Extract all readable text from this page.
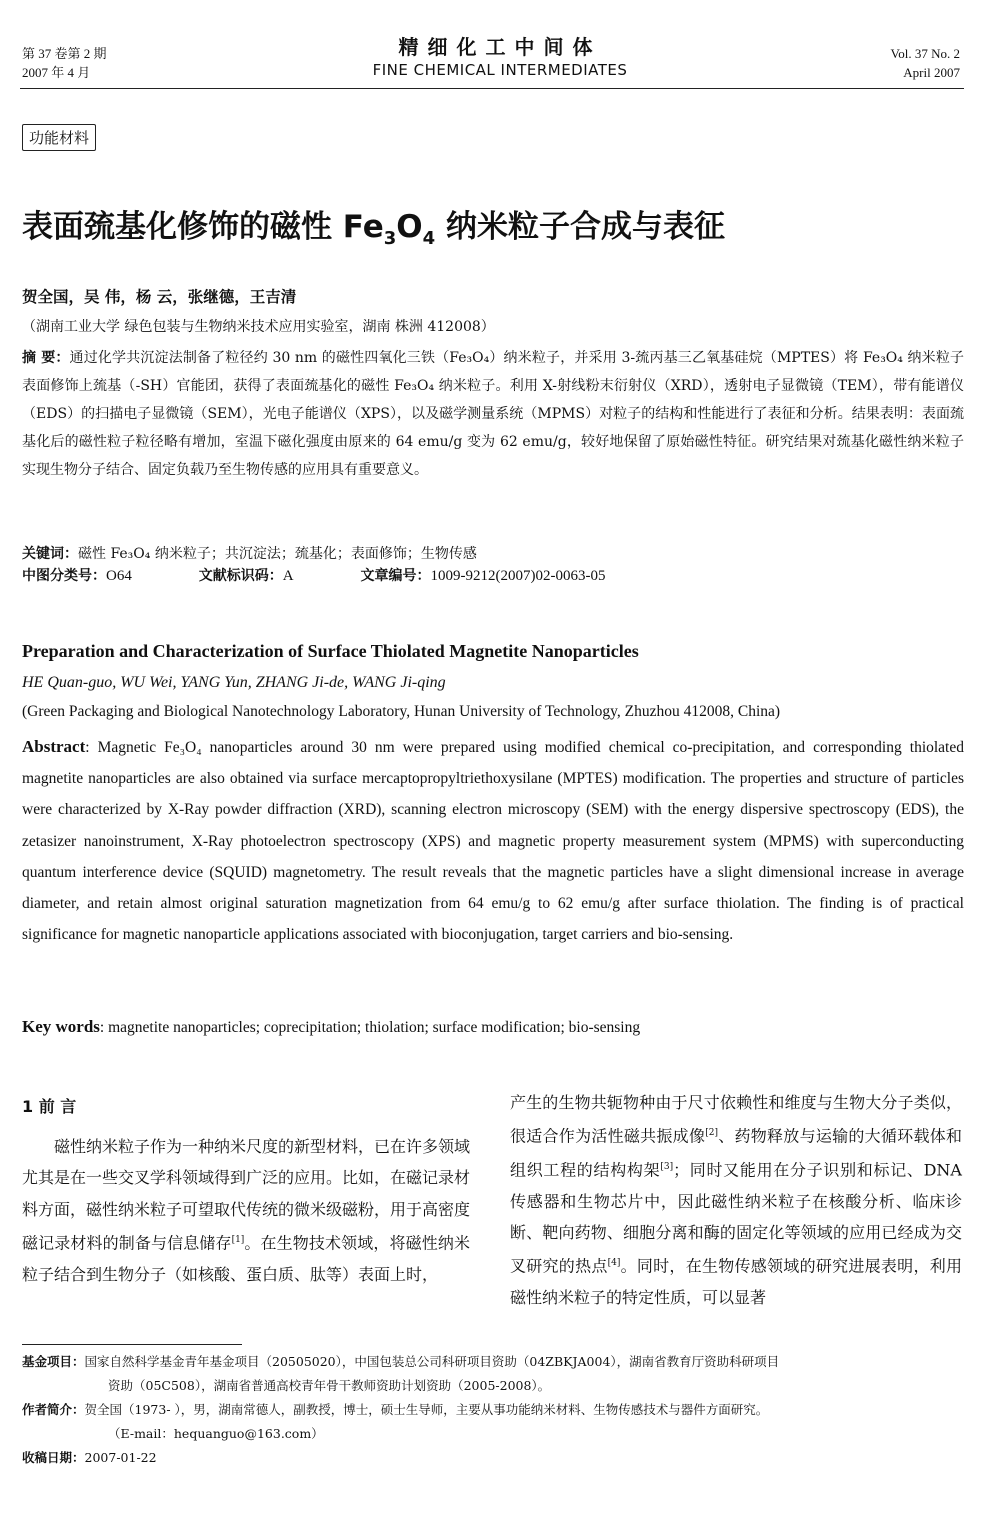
第 37 卷第 2 期
2007 年 4 月
精细化工中间体
FINE CHEMICAL INTERMEDIATES
Vol. 37 No. 2
April 2007
功能材料
表面巯基化修饰的磁性 $Fe_3O_4$ 纳米粒子合成与表征
贺全国，吴 伟，杨 云，张继德，王吉清
（湖南工业大学 绿色包装与生物纳米技术应用实验室，湖南 株洲 412008）
摘 要：通过化学共沉淀法制备了粒径约 30 nm 的磁性四氧化三铁（Fe₃O₄）纳米粒子，并采用 3-巯丙基三乙氧基硅烷（MPTES）将 Fe₃O₄ 纳米粒子表面修饰上巯基（-SH）官能团，获得了表面巯基化的磁性 Fe₃O₄ 纳米粒子。利用 X-射线粉末衍射仪（XRD），透射电子显微镜（TEM），带有能谱仪（EDS）的扫描电子显微镜（SEM），光电子能谱仪（XPS），以及磁学测量系统（MPMS）对粒子的结构和性能进行了表征和分析。结果表明：表面巯基化后的磁性粒子粒径略有增加，室温下磁化强度由原来的 64 emu/g 变为 62 emu/g，较好地保留了原始磁性特征。研究结果对巯基化磁性纳米粒子实现生物分子结合、固定负载乃至生物传感的应用具有重要意义。
关键词：磁性 Fe₃O₄ 纳米粒子；共沉淀法；巯基化；表面修饰；生物传感
中图分类号：O64	文献标识码：A	文章编号：1009-9212(2007)02-0063-05
Preparation and Characterization of Surface Thiolated Magnetite Nanoparticles
HE Quan-guo, WU Wei, YANG Yun, ZHANG Ji-de, WANG Ji-qing
(Green Packaging and Biological Nanotechnology Laboratory, Hunan University of Technology, Zhuzhou 412008, China)
Abstract: Magnetic Fe₃O₄ nanoparticles around 30 nm were prepared using modified chemical co-precipitation, and corresponding thiolated magnetite nanoparticles are also obtained via surface mercaptopropyltriethoxysilane (MPTES) modification. The properties and structure of particles were characterized by X-Ray powder diffraction (XRD), scanning electron microscopy (SEM) with the energy dispersive spectroscopy (EDS), the zetasizer nanoinstrument, X-Ray photoelectron spectroscopy (XPS) and magnetic property measurement system (MPMS) with superconducting quantum interference device (SQUID) magnetometry. The result reveals that the magnetic particles have a slight dimensional increase in average diameter, and retain almost original saturation magnetization from 64 emu/g to 62 emu/g after surface thiolation. The finding is of practical significance for magnetic nanoparticle applications associated with bioconjugation, target carriers and bio-sensing.
Key words: magnetite nanoparticles; coprecipitation; thiolation; surface modification; bio-sensing
1 前 言
磁性纳米粒子作为一种纳米尺度的新型材料，已在许多领域尤其是在一些交叉学科领域得到广泛的应用。比如，在磁记录材料方面，磁性纳米粒子可望取代传统的微米级磁粉，用于高密度磁记录材料的制备与信息储存[1]。在生物技术领域，将磁性纳米粒子结合到生物分子（如核酸、蛋白质、肽等）表面上时，
产生的生物共轭物种由于尺寸依赖性和维度与生物大分子类似，很适合作为活性磁共振成像[2]、药物释放与运输的大循环载体和组织工程的结构构架[3]；同时又能用在分子识别和标记、DNA 传感器和生物芯片中，因此磁性纳米粒子在核酸分析、临床诊断、靶向药物、细胞分离和酶的固定化等领域的应用已经成为交叉研究的热点[4]。同时，在生物传感领域的研究进展表明，利用磁性纳米粒子的特定性质，可以显著
基金项目：国家自然科学基金青年基金项目（20505020），中国包装总公司科研项目资助（04ZBKJA004），湖南省教育厅资助科研项目
资助（05C508），湖南省普通高校青年骨干教师资助计划资助（2005-2008）。
作者简介：贺全国（1973- ），男，湖南常德人，副教授，博士，硕士生导师，主要从事功能纳米材料、生物传感技术与器件方面研究。
（E-mail：hequanguo@163.com）
收稿日期：2007-01-22
